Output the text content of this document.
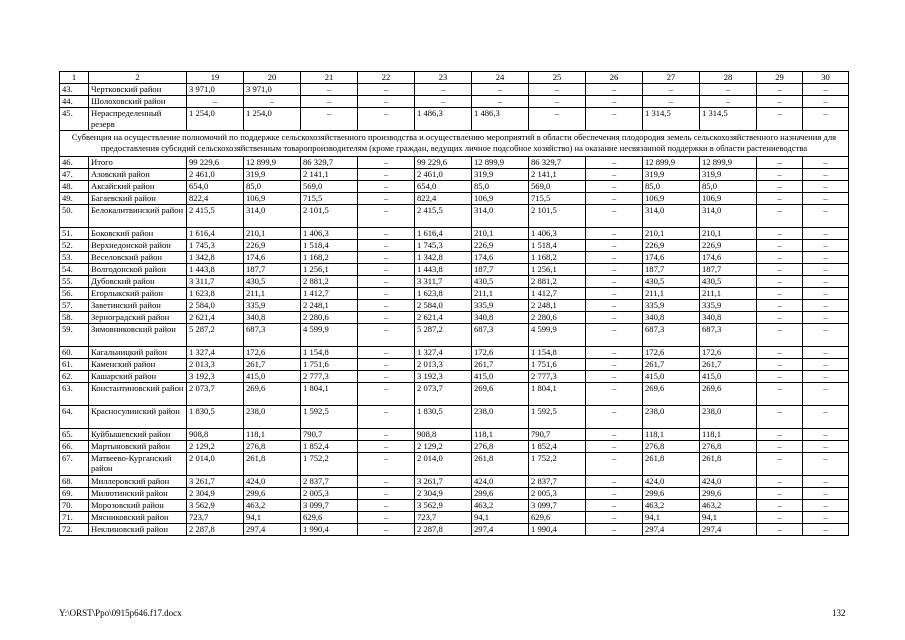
1	2	19	20	21	22	23	24	25	26	27	28	29	30
43.	Чертковский район	3 971,0	3 971,0	–	–	–	–	–	–	–	–	–	–
44.	Шолоховский район	–	–	–	–	–	–	–	–	–	–	–	–
45.	Нераспределенный резерв	1 254,0	1 254,0	–	–	1 486,3	1 486,3	–	–	1 314,5	1 314,5	–	–
Субвенция на осуществление полномочий по поддержке сельскохозяйственного производства и осуществлению мероприятий в области обеспечения плодородия земель сельскохозяйственного назначения для предоставления субсидий сельскохозяйственным товаропроизводителям (кроме граждан, ведущих личное подсобное хозяйство) на оказание несвязанной поддержки в области растениеводства													
46.	Итого	99 229,6	12 899,9	86 329,7	–	99 229,6	12 899,9	86 329,7	–	12 899,9	12 899,9	–	–
47.	Азовский район	2 461,0	319,9	2 141,1	–	2 461,0	319,9	2 141,1	–	319,9	319,9	–	–
48.	Аксайский район	654,0	85,0	569,0	–	654,0	85,0	569,0	–	85,0	85,0	–	–
49.	Багаевский район	822,4	106,9	715,5	–	822,4	106,9	715,5	–	106,9	106,9	–	–
50.	Белокалитвинский район	2 415,5	314,0	2 101,5	–	2 415,5	314,0	2 101,5	–	314,0	314,0	–	–
51.	Боковский район	1 616,4	210,1	1 406,3	–	1 616,4	210,1	1 406,3	–	210,1	210,1	–	–
52.	Верхнедонской район	1 745,3	226,9	1 518,4	–	1 745,3	226,9	1 518,4	–	226,9	226,9	–	–
53.	Веселовский район	1 342,8	174,6	1 168,2	–	1 342,8	174,6	1 168,2	–	174,6	174,6	–	–
54.	Волгодонской район	1 443,8	187,7	1 256,1	–	1 443,8	187,7	1 256,1	–	187,7	187,7	–	–
55.	Дубовский район	3 311,7	430,5	2 881,2	–	3 311,7	430,5	2 881,2	–	430,5	430,5	–	–
56.	Егорлыкский район	1 623,8	211,1	1 412,7	–	1 623,8	211,1	1 412,7	–	211,1	211,1	–	–
57.	Заветинский район	2 584,0	335,9	2 248,1	–	2 584,0	335,9	2 248,1	–	335,9	335,9	–	–
58.	Зерноградский район	2 621,4	340,8	2 280,6	–	2 621,4	340,8	2 280,6	–	340,8	340,8	–	–
59.	Зимовниковский район	5 287,2	687,3	4 599,9	–	5 287,2	687,3	4 599,9	–	687,3	687,3	–	–
60.	Кагальницкий район	1 327,4	172,6	1 154,8	–	1 327,4	172,6	1 154,8	–	172,6	172,6	–	–
61.	Каменский район	2 013,3	261,7	1 751,6	–	2 013,3	261,7	1 751,6	–	261,7	261,7	–	–
62.	Кашарский район	3 192,3	415,0	2 777,3	–	3 192,3	415,0	2 777,3	–	415,0	415,0	–	–
63.	Константиновский район	2 073,7	269,6	1 804,1	–	2 073,7	269,6	1 804,1	–	269,6	269,6	–	–
64.	Красносулинский район	1 830,5	238,0	1 592,5	–	1 830,5	238,0	1 592,5	–	238,0	238,0	–	–
65.	Куйбышевский район	908,8	118,1	790,7	–	908,8	118,1	790,7	–	118,1	118,1	–	–
66.	Мартыновский район	2 129,2	276,8	1 852,4	–	2 129,2	276,8	1 852,4	–	276,8	276,8	–	–
67.	Матвеево-Курганский район	2 014,0	261,8	1 752,2	–	2 014,0	261,8	1 752,2	–	261,8	261,8	–	–
68.	Миллеровский район	3 261,7	424,0	2 837,7	–	3 261,7	424,0	2 837,7	–	424,0	424,0	–	–
69.	Милютинский район	2 304,9	299,6	2 005,3	–	2 304,9	299,6	2 005,3	–	299,6	299,6	–	–
70.	Морозовский район	3 562,9	463,2	3 099,7	–	3 562,9	463,2	3 099,7	–	463,2	463,2	–	–
71.	Мясниковский район	723,7	94,1	629,6	–	723,7	94,1	629,6	–	94,1	94,1	–	–
72.	Неклиновский район	2 287,8	297,4	1 990,4	–	2 287,8	297,4	1 990,4	–	297,4	297,4	–	–
Y:\ORST\Ppo\0915p646.f17.docx	132
